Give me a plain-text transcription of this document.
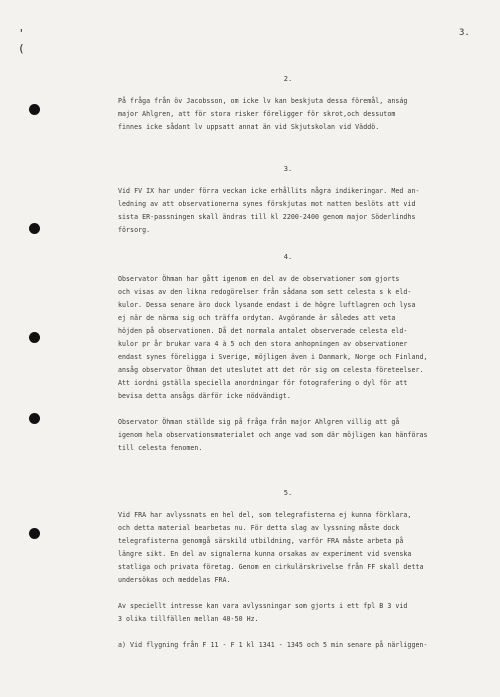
'
(
3.
2.
På fråga från öv Jacobsson, om icke lv kan beskjuta dessa föremål, anság
major Ahlgren, att för stora risker föreligger för skrot,och dessutom
finnes icke sådant lv uppsatt annat än vid Skjutskolan vid Väddö.
3.
Vid FV IX har under förra veckan icke erhållits några indikeringar. Med an-
ledning av att observationerna synes förskjutas mot natten beslöts att vid
sista ER-passningen skall ändras till kl 2200-2400 genom major Söderlindhs
försorg.
4.
Observator Öhman har gått igenom en del av de observationer som gjorts
och visas av den likna redogörelser från sådana som sett celesta s k eld-
kulor. Dessa senare äro dock lysande endast i de högre luftlagren och lysa
ej när de närma sig och träffa ordytan. Avgörande är således att veta
höjden på observationen. Då det normala antalet observerade celesta eld-
kulor pr år brukar vara 4 à 5 och den stora anhopningen av observationer
endast synes föreligga i Sverige, möjligen även i Danmark, Norge och Finland,
ansåg observator Öhman det uteslutet att det rör sig om celesta företeelser.
Att iordni gställa speciella anordningar för fotografering o dyl för att
bevisa detta ansågs därför icke nödvändigt.

Observator Öhman ställde sig på fråga från major Ahlgren villig att gå
igenom hela observationsmaterialet och ange vad som där möjligen kan hänföras
till celesta fenomen.
5.
Vid FRA har avlyssnats en hel del, som telegrafisterna ej kunna förklara,
och detta material bearbetas nu. För detta slag av lyssning måste dock
telegrafisterna genomgå särskild utbildning, varför FRA måste arbeta på
längre sikt. En del av signalerna kunna orsakas av experiment vid svenska
statliga och privata företag. Genom en cirkulärskrivelse från FF skall detta
undersökas och meddelas FRA.

Av speciellt intresse kan vara avlyssningar som gjorts i ett fpl B 3 vid
3 olika tillfällen mellan 40-50 Hz.

a) Vid flygning från F 11 - F 1 kl 1341 - 1345 och 5 min senare på närliggen-
